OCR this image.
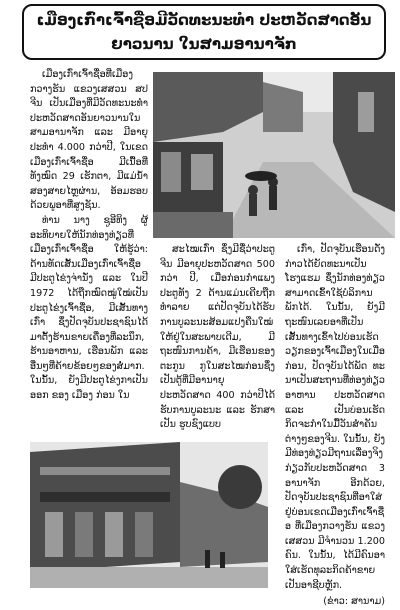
ເມືອງເກົ່າເຈົ້າຊື່ອມີວັດທະນະທຳ ປະຫວັດສາດອັນຍາວນານ ໃນສາມອານາຈັກ

ເມືອງເກົ່າເຈົ້າຊື່ອທີ່ເມືອງກວາງຮັນ ແຂວງເສສວນ ສປ ຈີນ ເປັນເມືອງທີ່ມີວັດທະນະທຳ ປະຫວັດສາດອັນຍາວນານໃນ ສາມອານາຈັກ ແລະ ມີອາຍຸ ປະທຳ 4.000 ກວ່າປີ, ໃນເຂດ ເມືອງເກົ່າເຈົ້າຊື່ອ ມີເນື້ອທີ່ທັງໝົດ 29 ເຮັກຕາ, ມີແມ່ນ້ຳສອງສາຍໄຫຼຜ່ານ, ອ້ອມຮອບດ້ວຍພູອາທີ່ສູງຊັນ.

ທ່ານ ນາງ ຊູອີທິງ ຜູ້ອະທິບາຍໃຫ້ນັກທ່ອງທ່ຽວທີ່ ເມືອງເກົ່າເຈົ້າຊື່ອ ໃຫ້ຮູ້ວ່າ: ດ້ານທັດເສັ້ນເມືອງເກົ່າເຈົ້າຊື່ອ ມີປະຕູໄຂ່ງຈ່ານັ່ງ ແລະ ໃນປີ 1972 ໄດ້ຖືກໝົດໝູ່ໃໝ່ເປັນປະຕູໄຂ່ງເຈົ້າຊື່ອ, ມີເສັ້ນທາງ ເກົ່າ ຊຶ່ງປັດຈຸບັນປະຊາຊົນໄດ້ມາຕັ້ງຮ້ານຂາຍເຄື່ອງທີ່ລະນຶກ, ຮ້ານອາຫານ, ເຮືອນພັກ ແລະ ອື່ນໆທີ່ຄ້າຍຂ້ອຍໆຂອງສໍ່ມາກ. ໃນນັ້ນ, ຍັງມີປະຕູໄຂ່ງກາເປັນ ອອກ ຂອງ ເມືອງ ກ່ອນ ໃນ

ສະໄໝເກົ່າ ຊຶ່ງມີຊື່ວ່າປະຕູຈີນ ມີອາຍຸປະຫວັດສາດ 500 ກວ່າ ປີ, ເມື່ອກ່ອນກຳແພງປະຕູທັງ 2 ດ້ານແມ່ນເຄີຍຖືກທຳລາຍ ແຕ່ປັດຈຸບັນໄດ້ຮັບການບູລະນະສ້ອມແປງຄືນໃໝ່ໃຫ້ຢູ່ໃນສະພາບເດີມ, ມີຖະໜົນການຄ້າ, ມີເຮືອນຂອງ ຕະກູນ ກູໃນສະໄໝກ່ອນຊຶ່ງ ເປັນຕູ້ທີ່ມີອານາຍຸປະຫວັດສາດ 400 ກວ່າປີໄດ້ຮັບການບູລະນະ ແລະ ຮັກສາເປັນ ຮູບຊົງແບບ

ເກົ່າ, ປັດຈຸບັນເຮືອນດັ່ງກ່າວໄດ້ຍັດທະນາເປັນໂຮງແຮມ ຊຶ່ງນັກທ່ອງທ່ຽວສາມາດເຂົ້າໃຊ້ບໍລິການພັກໄດ້. ໃນນັ້ນ, ຍັງມີຖະໜົນເລຍອາທີ່ເປັນເສັ້ນທາງເຂົ້າໄປບ່ອນເຮັດວຽກຂອງເຈົ້າເມືອງໃນເມື່ອກ່ອນ, ປັດຈຸບັນໄດ້ພັດ ທະນາເປັນສະຖານທີ່ທ່ອງທ່ຽວອາຫານ ປະຫວັດສາດ ແລະ ເປັນບ່ອນເຮັດກິດຈະກຳໃນມື້ວັນສຳຄັນຕ່າງໆຂອງຈີນ. ໃນນັ້ນ, ຍັງມີທ່ອງທ່ຽວມີຖານເລື່ອງຈິງ ກ່ຽວກັບປະຫວັດສາດ 3 ອານາຈັກ ອີກດ້ວຍ, ປັດຈຸບັນປະຊາຊົນທີ່ອາໃສ່ຢູ່ບ່ອນເຂດເມືອງເກົ່າເຈົ້າຊື່ອ ທີ່ເມືອງກວາງຮັນ ແຂວງເສສວນ ມີຈຳນວນ 1.200 ຄົນ. ໃນນັ້ນ, ໄດ້ມີຄົນອາໃສ່ເຮັດທຸລະກິດຄ້າຂາຍເປັນອາຊີບຫຼັກ.

(ຂ່າວ: ສານາມ)
